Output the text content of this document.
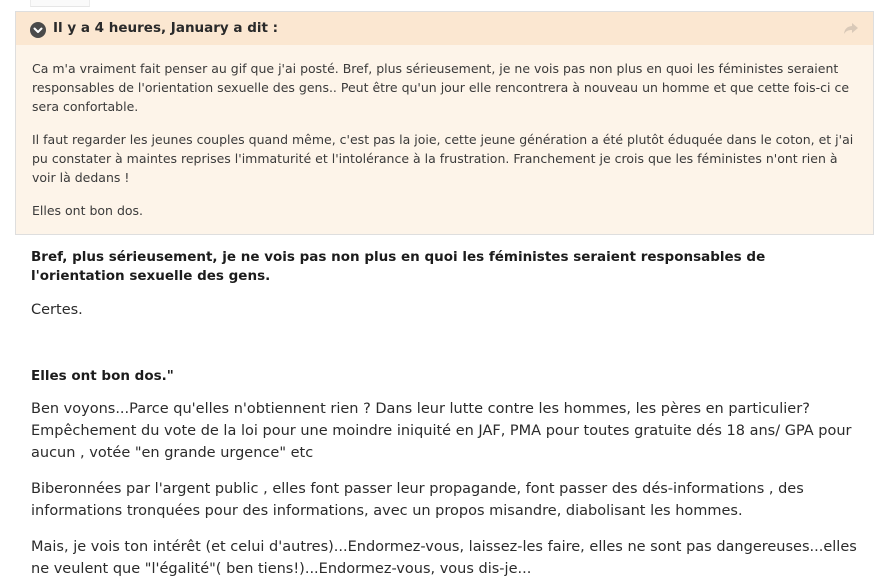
Il y a 4 heures, January a dit :

Ca m'a vraiment fait penser au gif que j'ai posté. Bref, plus sérieusement, je ne vois pas non plus en quoi les féministes seraient responsables de l'orientation sexuelle des gens.. Peut être qu'un jour elle rencontrera à nouveau un homme et que cette fois-ci ce sera confortable.

Il faut regarder les jeunes couples quand même, c'est pas la joie, cette jeune génération a été plutôt éduquée dans le coton, et j'ai pu constater à maintes reprises l'immaturité et l'intolérance à la frustration. Franchement je crois que les féministes n'ont rien à voir là dedans !

Elles ont bon dos.

Bref, plus sérieusement, je ne vois pas non plus en quoi les féministes seraient responsables de l'orientation sexuelle des gens.

Certes.

Elles ont bon dos."

Ben voyons...Parce qu'elles n'obtiennent rien ? Dans leur lutte contre les hommes, les pères en particulier? Empêchement du vote de la loi pour une moindre iniquité en JAF, PMA pour toutes gratuite dés 18 ans/ GPA pour aucun , votée "en grande urgence" etc

Biberonnées par l'argent public , elles font passer leur propagande, font passer des dés-informations , des informations tronquées pour des informations, avec un propos misandre, diabolisant les hommes.

Mais, je vois ton intérêt (et celui d'autres)...Endormez-vous, laissez-les faire, elles ne sont pas dangereuses...elles ne veulent que "l'égalité"( ben tiens!)...Endormez-vous, vous dis-je...
